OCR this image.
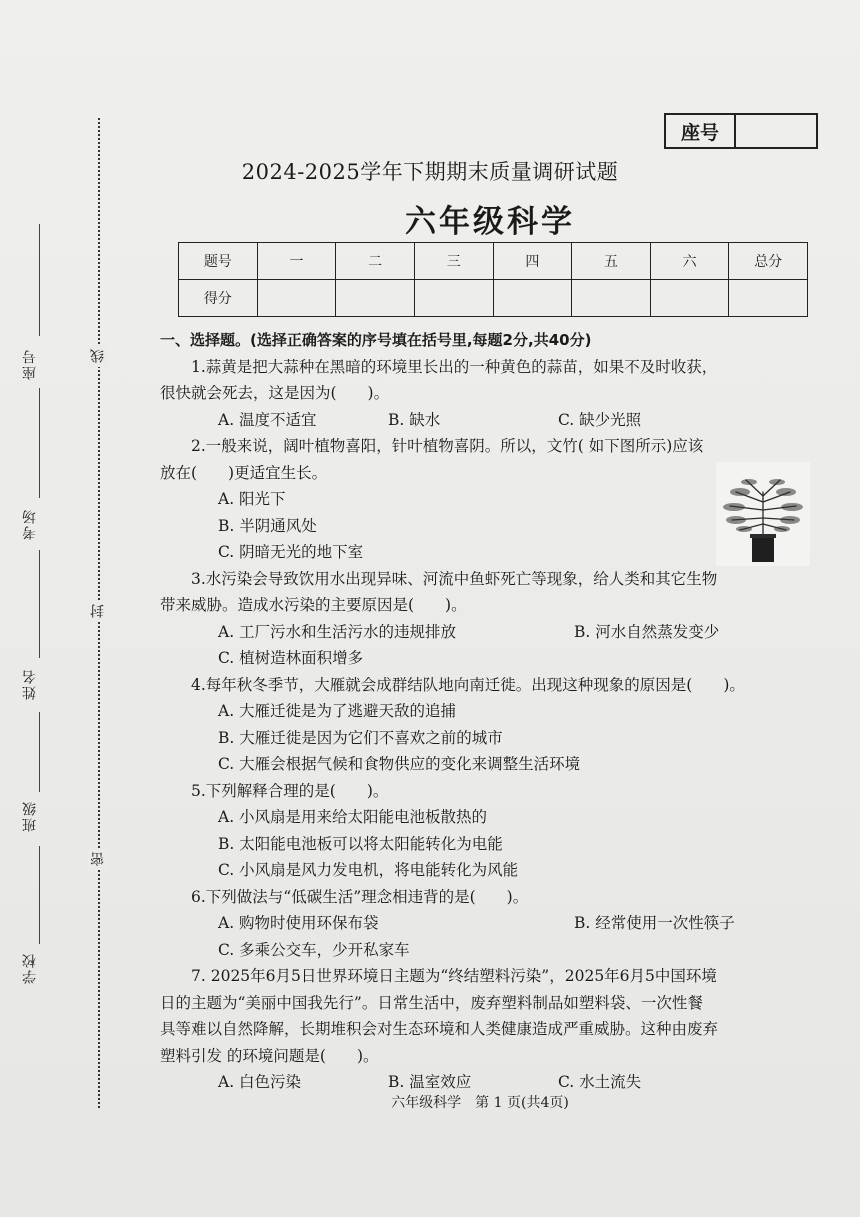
座号
考场
姓名
班级
学校
线
封
密
座号
2024-2025学年下期期末质量调研试题
六年级科学
题号	一	二	三	四	五	六	总分
得分							

一、选择题。(选择正确答案的序号填在括号里,每题2分,共40分)

1.蒜黄是把大蒜种在黑暗的环境里长出的一种黄色的蒜苗，如果不及时收获，

很快就会死去，这是因为(　　)。

A. 温度不适宜	B. 缺水	C. 缺少光照

2.一般来说，阔叶植物喜阳，针叶植物喜阴。所以，文竹( 如下图所示)应该

放在(　　)更适宜生长。

A. 阳光下

B. 半阴通风处

C. 阴暗无光的地下室

3.水污染会导致饮用水出现异味、河流中鱼虾死亡等现象，给人类和其它生物

带来威胁。造成水污染的主要原因是(　　)。

A. 工厂污水和生活污水的违规排放	B. 河水自然蒸发变少

C. 植树造林面积增多

4.每年秋冬季节，大雁就会成群结队地向南迁徙。出现这种现象的原因是(　　)。

A. 大雁迁徙是为了逃避天敌的追捕

B. 大雁迁徙是因为它们不喜欢之前的城市

C. 大雁会根据气候和食物供应的变化来调整生活环境

5.下列解释合理的是(　　)。

A. 小风扇是用来给太阳能电池板散热的

B. 太阳能电池板可以将太阳能转化为电能

C. 小风扇是风力发电机，将电能转化为风能

6.下列做法与“低碳生活”理念相违背的是(　　)。

A. 购物时使用环保布袋	B. 经常使用一次性筷子

C. 多乘公交车，少开私家车

7. 2025年6月5日世界环境日主题为“终结塑料污染”，2025年6月5中国环境

日的主题为“美丽中国我先行”。日常生活中，废弃塑料制品如塑料袋、一次性餐

具等难以自然降解，长期堆积会对生态环境和人类健康造成严重威胁。这种由废弃

塑料引发 的环境问题是(　　)。

A. 白色污染	B. 温室效应	C. 水土流失

六年级科学　第 1 页(共4页)
